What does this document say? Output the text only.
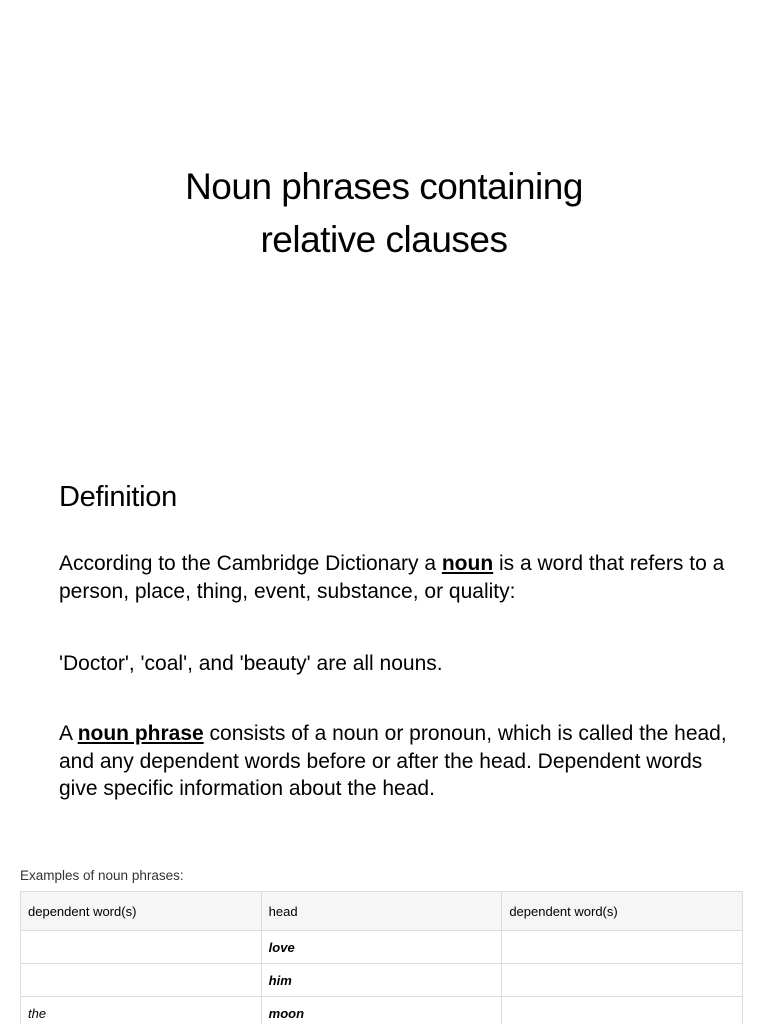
Noun phrases containing
relative clauses
Definition
According to the Cambridge Dictionary a noun is a word that refers to a person, place, thing, event, substance, or quality:
'Doctor', 'coal', and 'beauty' are all nouns.
A noun phrase consists of a noun or pronoun, which is called the head, and any dependent words before or after the head. Dependent words give specific information about the head.
Examples of noun phrases:
dependent word(s)	head	dependent word(s)
	love	
	him	
the	moon	
